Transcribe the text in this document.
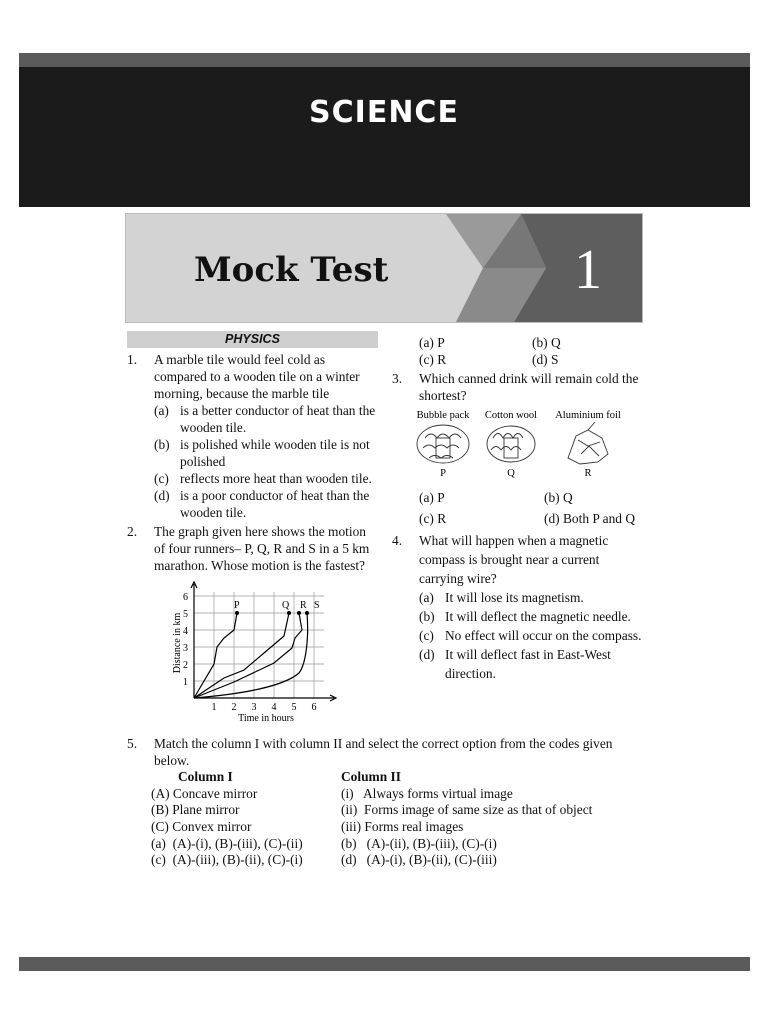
SCIENCE
Mock Test	1
PHYSICS
1. A marble tile would feel cold as compared to a wooden tile on a winter morning, because the marble tile
(a) is a better conductor of heat than the wooden tile.
(b) is polished while wooden tile is not polished
(c) reflects more heat than wooden tile.
(d) is a poor conductor of heat than the wooden tile.
2. The graph given here shows the motion of four runners– P, Q, R and S in a 5 km marathon. Whose motion is the fastest?
P	Q R S
1
2
3
4
5
6
1 2 3 4 5 6
Time in hours
Distance in km
(a) P	(b) Q
(c) R	(d) S
3. Which canned drink will remain cold the shortest?
Bubble pack Cotton wool Aluminium foil
P	Q	R
(a) P	(b) Q
(c) R	(d) Both P and Q
4. What will happen when a magnetic compass is brought near a current carrying wire?
(a) It will lose its magnetism.
(b) It will deflect the magnetic needle.
(c) No effect will occur on the compass.
(d) It will deflect fast in East-West direction.
5. Match the column I with column II and select the correct option from the codes given below.
Column I	Column II
(A) Concave mirror	(i)   Always forms virtual image
(B) Plane mirror	(ii)  Forms image of same size as that of object
(C) Convex mirror	(iii) Forms real images
(a) (A)-(i), (B)-(iii), (C)-(ii)	(b) (A)-(ii), (B)-(iii), (C)-(i)
(c) (A)-(iii), (B)-(ii), (C)-(i)	(d) (A)-(i), (B)-(ii), (C)-(iii)
